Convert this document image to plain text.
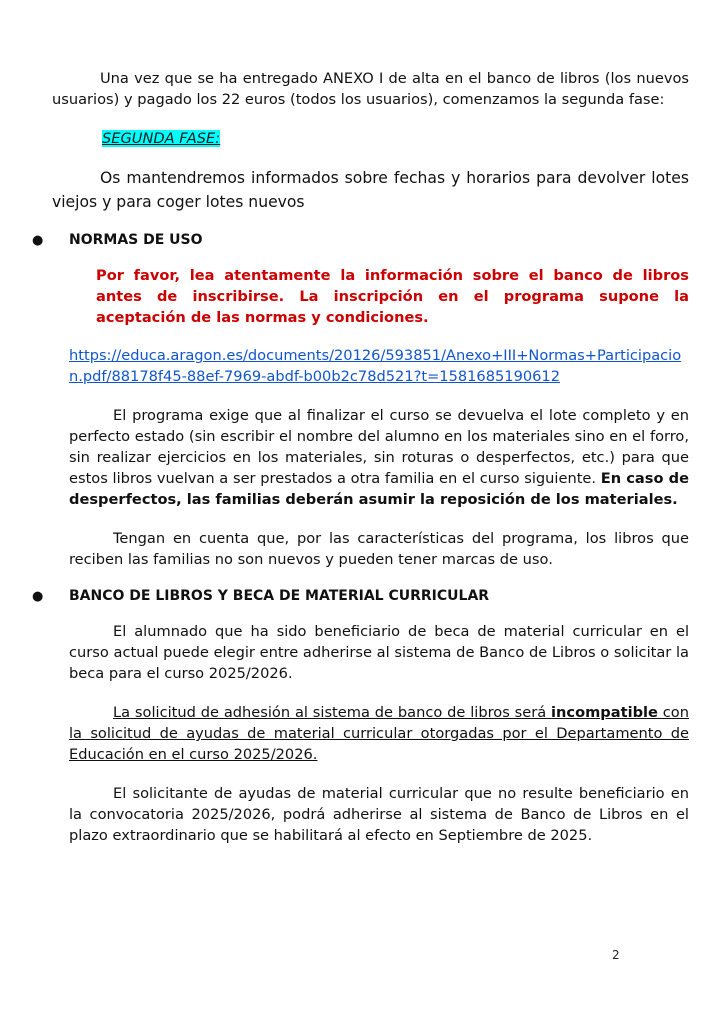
Una vez que se ha entregado ANEXO I de alta en el banco de libros (los nuevos usuarios) y pagado los 22 euros (todos los usuarios), comenzamos la segunda fase:

SEGUNDA FASE:

Os mantendremos informados sobre fechas y horarios para devolver lotes viejos y para coger lotes nuevos

● NORMAS DE USO

Por favor, lea atentamente la información sobre el banco de libros antes de inscribirse. La inscripción en el programa supone la aceptación de las normas y condiciones.

https://educa.aragon.es/documents/20126/593851/Anexo+III+Normas+Participacion.pdf/88178f45-88ef-7969-abdf-b00b2c78d521?t=1581685190612

El programa exige que al finalizar el curso se devuelva el lote completo y en perfecto estado (sin escribir el nombre del alumno en los materiales sino en el forro, sin realizar ejercicios en los materiales, sin roturas o desperfectos, etc.) para que estos libros vuelvan a ser prestados a otra familia en el curso siguiente. En caso de desperfectos, las familias deberán asumir la reposición de los materiales.

Tengan en cuenta que, por las características del programa, los libros que reciben las familias no son nuevos y pueden tener marcas de uso.

● BANCO DE LIBROS Y BECA DE MATERIAL CURRICULAR

El alumnado que ha sido beneficiario de beca de material curricular en el curso actual puede elegir entre adherirse al sistema de Banco de Libros o solicitar la beca para el curso 2025/2026.

La solicitud de adhesión al sistema de banco de libros será incompatible con la solicitud de ayudas de material curricular otorgadas por el Departamento de Educación en el curso 2025/2026.

El solicitante de ayudas de material curricular que no resulte beneficiario en la convocatoria 2025/2026, podrá adherirse al sistema de Banco de Libros en el plazo extraordinario que se habilitará al efecto en Septiembre de 2025.

2
